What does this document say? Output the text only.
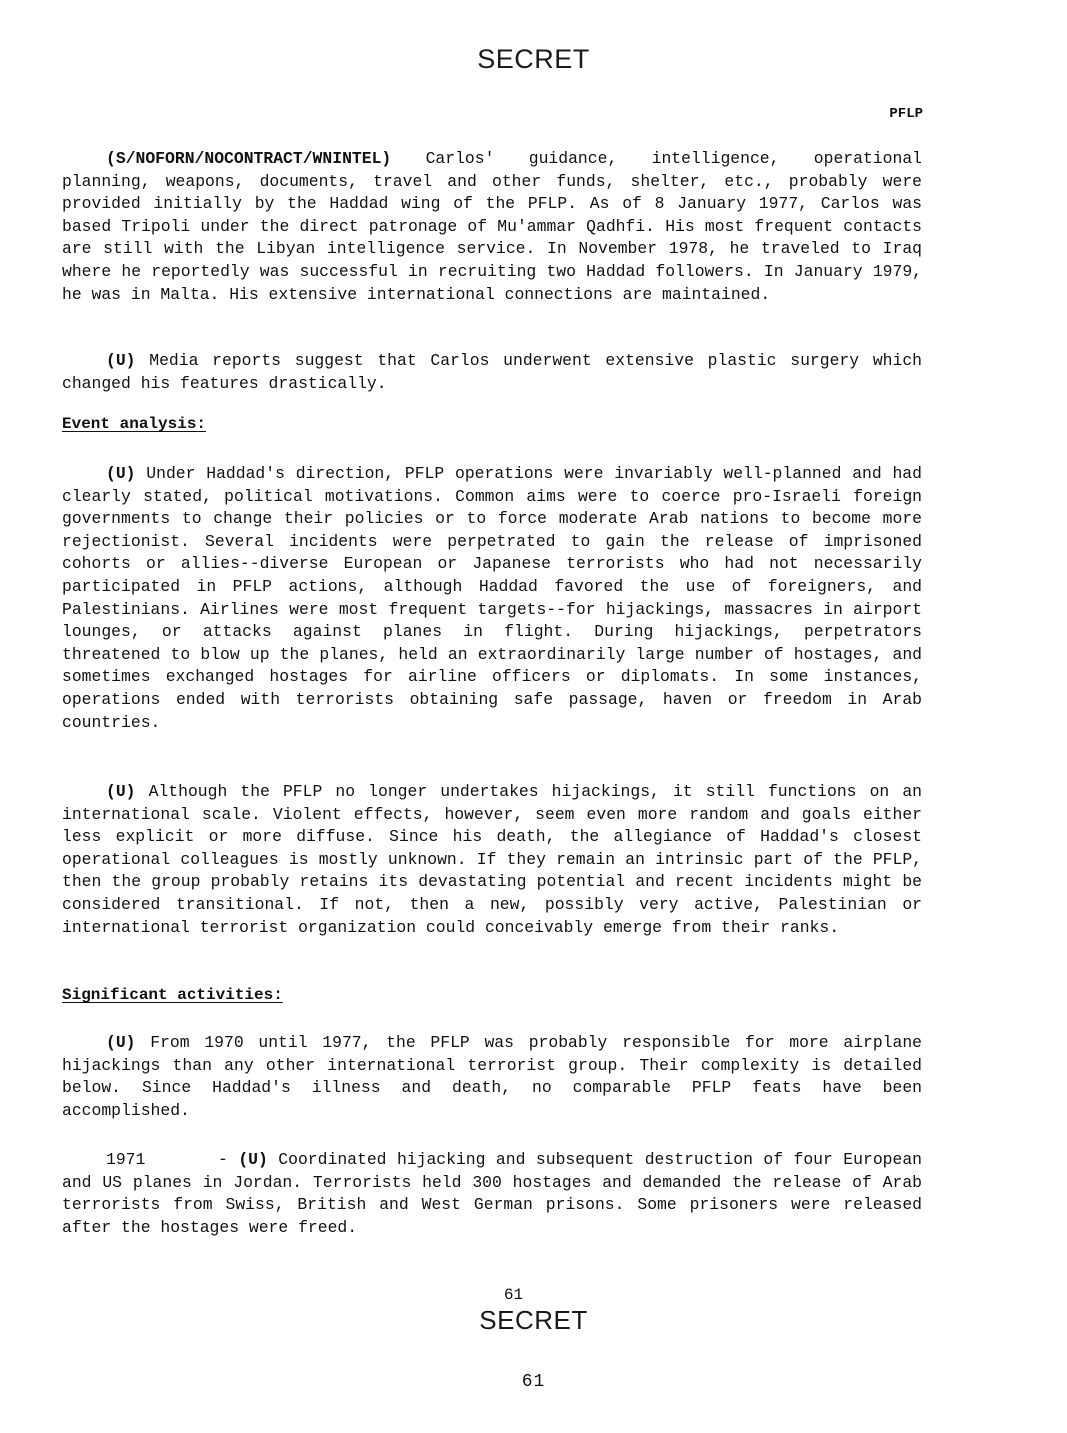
SECRET
PFLP

(S/NOFORN/NOCONTRACT/WNINTEL) Carlos' guidance, intelligence, operational planning, weapons, documents, travel and other funds, shelter, etc., probably were provided initially by the Haddad wing of the PFLP. As of 8 January 1977, Carlos was based Tripoli under the direct patronage of Mu'ammar Qadhfi. His most frequent contacts are still with the Libyan intelligence service. In November 1978, he traveled to Iraq where he reportedly was successful in recruiting two Haddad followers. In January 1979, he was in Malta. His extensive international connections are maintained.

(U) Media reports suggest that Carlos underwent extensive plastic surgery which changed his features drastically.

Event analysis:

(U) Under Haddad's direction, PFLP operations were invariably well-planned and had clearly stated, political motivations. Common aims were to coerce pro-Israeli foreign governments to change their policies or to force moderate Arab nations to become more rejectionist. Several incidents were perpetrated to gain the release of imprisoned cohorts or allies--diverse European or Japanese terrorists who had not necessarily participated in PFLP actions, although Haddad favored the use of foreigners, and Palestinians. Airlines were most frequent targets--for hijackings, massacres in airport lounges, or attacks against planes in flight. During hijackings, perpetrators threatened to blow up the planes, held an extraordinarily large number of hostages, and sometimes exchanged hostages for airline officers or diplomats. In some instances, operations ended with terrorists obtaining safe passage, haven or freedom in Arab countries.

(U) Although the PFLP no longer undertakes hijackings, it still functions on an international scale. Violent effects, however, seem even more random and goals either less explicit or more diffuse. Since his death, the allegiance of Haddad's closest operational colleagues is mostly unknown. If they remain an intrinsic part of the PFLP, then the group probably retains its devastating potential and recent incidents might be considered transitional. If not, then a new, possibly very active, Palestinian or international terrorist organization could conceivably emerge from their ranks.

Significant activities:

(U) From 1970 until 1977, the PFLP was probably responsible for more airplane hijackings than any other international terrorist group. Their complexity is detailed below. Since Haddad's illness and death, no comparable PFLP feats have been accomplished.

1971	- (U) Coordinated hijacking and subsequent destruction of four European and US planes in Jordan. Terrorists held 300 hostages and demanded the release of Arab terrorists from Swiss, British and West German prisons. Some prisoners were released after the hostages were freed.

61
SECRET
61
